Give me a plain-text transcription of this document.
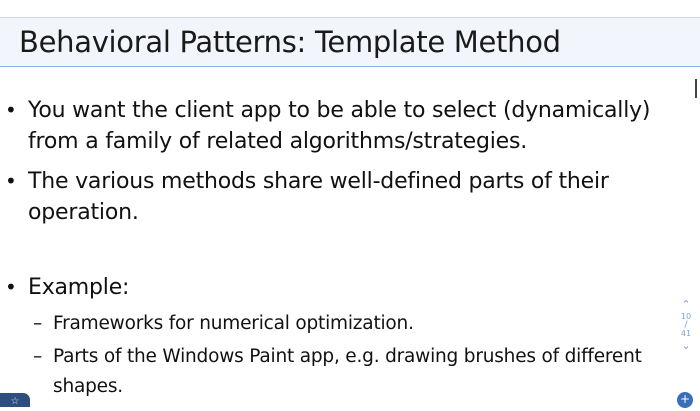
Behavioral Patterns: Template Method
• You want the client app to be able to select (dynamically) from a family of related algorithms/strategies.
• The various methods share well-defined parts of their operation.
• Example:
– Frameworks for numerical optimization.
– Parts of the Windows Paint app, e.g. drawing brushes of different shapes.
⌃
10
/
41
⌄
☆	+
